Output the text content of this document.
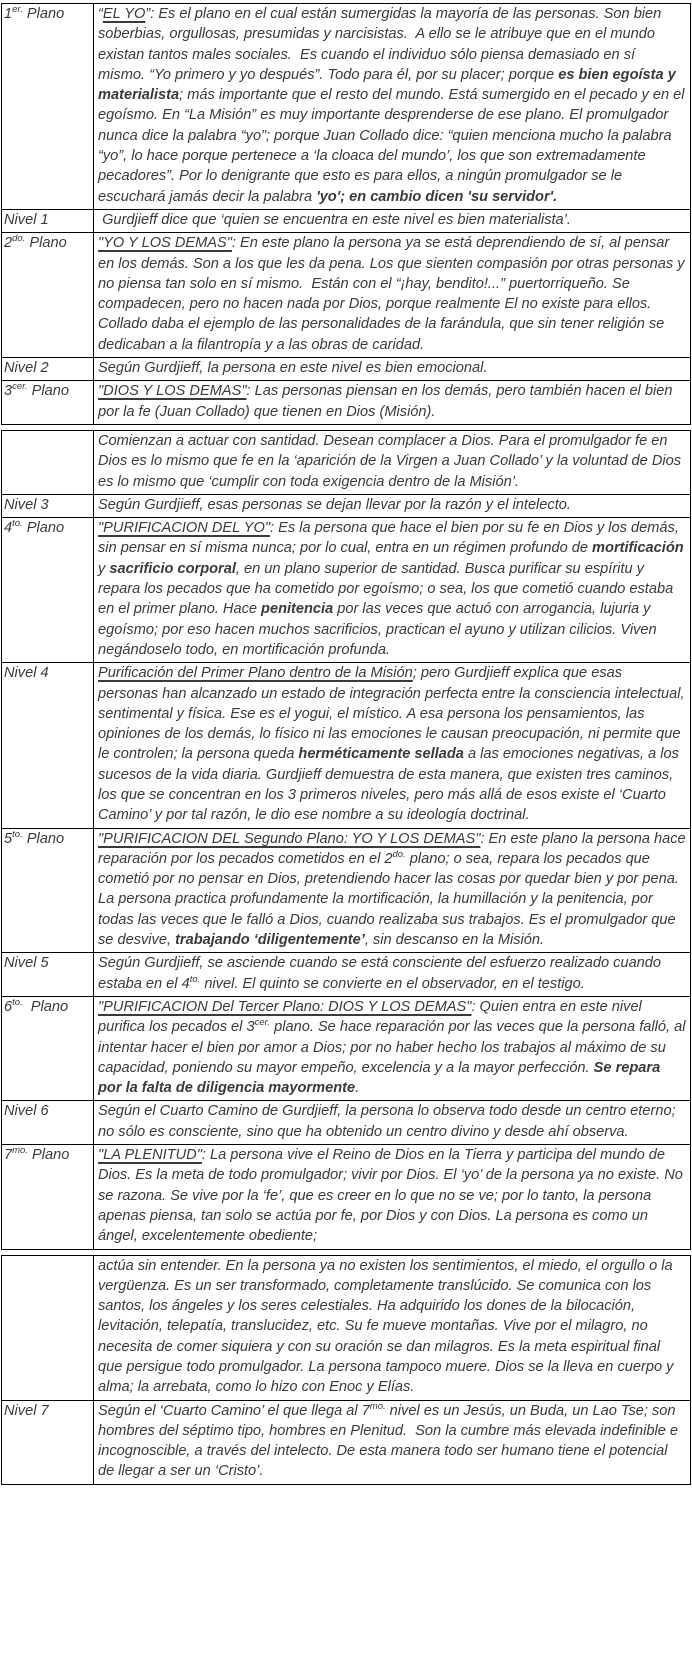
$1^{er.}$ Plano	“EL YO”: Es el plano en el cual están sumergidas la mayoría de las personas. Son bien soberbias, orgullosas, presumidas y narcisistas.  A ello se le atribuye que en el mundo existan tantos males sociales.  Es cuando el individuo sólo piensa demasiado en sí mismo. “Yo primero y yo después”. Todo para él, por su placer; porque es bien egoísta y materialista; más importante que el resto del mundo. Está sumergido en el pecado y en el egoísmo. En “La Misión” es muy importante desprenderse de ese plano. El promulgador nunca dice la palabra “yo”; porque Juan Collado dice: “quien menciona mucho la palabra “yo”, lo hace porque pertenece a ‘la cloaca del mundo’, los que son extremadamente pecadores”. Por lo denigrante que esto es para ellos, a ningún promulgador se le escuchará jamás decir la palabra 'yo'; en cambio dicen 'su servidor'.
Nivel 1	Gurdjieff dice que ‘quien se encuentra en este nivel es bien materialista’.
$2^{do.}$ Plano	"YO Y LOS DEMAS": En este plano la persona ya se está deprendiendo de sí, al pensar en los demás. Son a los que les da pena. Los que sienten compasión por otras personas y no piensa tan solo en sí mismo.  Están con el “¡hay, bendito!...” puertorriqueño. Se compadecen, pero no hacen nada por Dios, porque realmente El no existe para ellos. Collado daba el ejemplo de las personalidades de la farándula, que sin tener religión se dedicaban a la filantropía y a las obras de caridad.
Nivel 2	Según Gurdjieff, la persona en este nivel es bien emocional.
$3^{cer.}$ Plano	"DIOS Y LOS DEMAS": Las personas piensan en los demás, pero también hacen el bien por la fe (Juan Collado) que tienen en Dios (Misión).
	Comienzan a actuar con santidad. Desean complacer a Dios. Para el promulgador fe en Dios es lo mismo que fe en la ‘aparición de la Virgen a Juan Collado’ y la voluntad de Dios es lo mismo que ‘cumplir con toda exigencia dentro de la Misión’.
Nivel 3	Según Gurdjieff, esas personas se dejan llevar por la razón y el intelecto.
$4^{to.}$ Plano	"PURIFICACION DEL YO": Es la persona que hace el bien por su fe en Dios y los demás, sin pensar en sí misma nunca; por lo cual, entra en un régimen profundo de mortificación y sacrificio corporal, en un plano superior de santidad. Busca purificar su espíritu y repara los pecados que ha cometido por egoísmo; o sea, los que cometió cuando estaba en el primer plano. Hace penitencia por las veces que actuó con arrogancia, lujuria y egoísmo; por eso hacen muchos sacrificios, practican el ayuno y utilizan cilicios. Viven negándoselo todo, en mortificación profunda.
Nivel 4	Purificación del Primer Plano dentro de la Misión; pero Gurdjieff explica que esas personas han alcanzado un estado de integración perfecta entre la consciencia intelectual, sentimental y física. Ese es el yogui, el místico. A esa persona los pensamientos, las opiniones de los demás, lo físico ni las emociones le causan preocupación, ni permite que le controlen; la persona queda herméticamente sellada a las emociones negativas, a los sucesos de la vida diaria. Gurdjieff demuestra de esta manera, que existen tres caminos, los que se concentran en los 3 primeros niveles, pero más allá de esos existe el ‘Cuarto Camino’ y por tal razón, le dio ese nombre a su ideología doctrinal.
$5^{to.}$ Plano	"PURIFICACION DEL Segundo Plano: YO Y LOS DEMAS": En este plano la persona hace reparación por los pecados cometidos en el $2^{do.}$ plano; o sea, repara los pecados que cometió por no pensar en Dios, pretendiendo hacer las cosas por quedar bien y por pena. La persona practica profundamente la mortificación, la humillación y la penitencia, por todas las veces que le falló a Dios, cuando realizaba sus trabajos. Es el promulgador que se desvive, trabajando ‘diligentemente’, sin descanso en la Misión.
Nivel 5	Según Gurdjieff, se asciende cuando se está consciente del esfuerzo realizado cuando estaba en el $4^{to.}$ nivel. El quinto se convierte en el observador, en el testigo.
$6^{to.}$  Plano	"PURIFICACION Del Tercer Plano: DIOS Y LOS DEMAS": Quien entra en este nivel purifica los pecados el $3^{cer.}$ plano. Se hace reparación por las veces que la persona falló, al intentar hacer el bien por amor a Dios; por no haber hecho los trabajos al máximo de su capacidad, poniendo su mayor empeño, excelencia y a la mayor perfección. Se repara por la falta de diligencia mayormente.
Nivel 6	Según el Cuarto Camino de Gurdjieff, la persona lo observa todo desde un centro eterno; no sólo es consciente, sino que ha obtenido un centro divino y desde ahí observa.
$7^{mo.}$ Plano	"LA PLENITUD": La persona vive el Reino de Dios en la Tierra y participa del mundo de Dios. Es la meta de todo promulgador; vivir por Dios. El ‘yo’ de la persona ya no existe. No se razona. Se vive por la ‘fe’, que es creer en lo que no se ve; por lo tanto, la persona apenas piensa, tan solo se actúa por fe, por Dios y con Dios. La persona es como un ángel, excelentemente obediente;
	actúa sin entender. En la persona ya no existen los sentimientos, el miedo, el orgullo o la vergüenza. Es un ser transformado, completamente translúcido. Se comunica con los santos, los ángeles y los seres celestiales. Ha adquirido los dones de la bilocación, levitación, telepatía, translucidez, etc. Su fe mueve montañas. Vive por el milagro, no necesita de comer siquiera y con su oración se dan milagros. Es la meta espiritual final que persigue todo promulgador. La persona tampoco muere. Dios se la lleva en cuerpo y alma; la arrebata, como lo hizo con Enoc y Elías.
Nivel 7	Según el ‘Cuarto Camino’ el que llega al $7^{mo.}$ nivel es un Jesús, un Buda, un Lao Tse; son hombres del séptimo tipo, hombres en Plenitud.  Son la cumbre más elevada indefinible e incognoscible, a través del intelecto. De esta manera todo ser humano tiene el potencial de llegar a ser un ‘Cristo’.
